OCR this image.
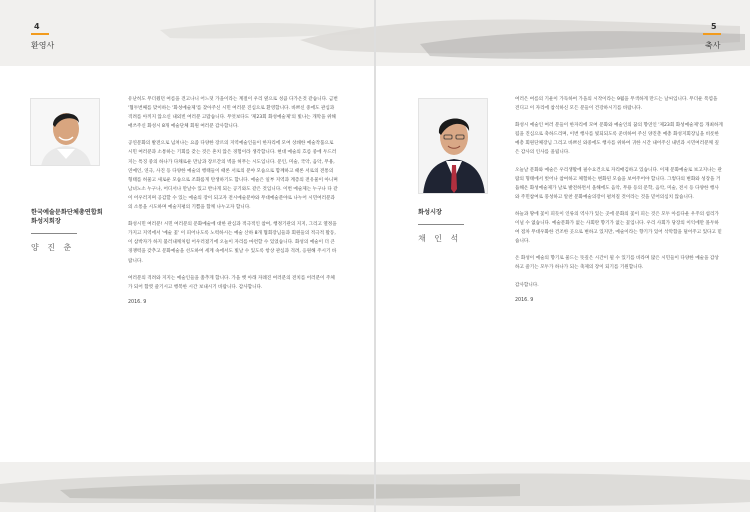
4
환영사
한국예술문화단체총연합회
화성지회장
양 진 춘

유난히도 무더웠던 여름을 견고나니 어느덧 가을이라는 계절이 우리 옆으로 성큼 다가온것 같습니다. 금번 '협두번째를 맞이하는 '화성예술제'를 찾아주신 시민 여러분 진심으로 환영합니다. 바쁘신 중에도 관심과 격려를 아끼지 않으신 내외빈 여러분 고맙습니다. 무엇보다도 '제23회 화성예술제'의 빛나는 개막을 위해 애쓰주신 화성시 8개 예술단체 회원 여러분 감사합니다.

공연문화의 발전으로 넘쳐나는 요즘 다양한 장르의 지역예술인들이 한자리에 모여 상쇄한 예술작품으로 시민 여러분과 소통하는 기회를 갖는 것은 흔치 않은 경험이라 생각합니다. 현대 예술의 흐름 중에 두드러지는 특징 중의 하나가 다채로운 만남과 장르간의 벽을 허무는 시도입니다. 문인, 미술, 국악, 음악, 무용, 연예인, 연극, 사진 등 다양한 예술의 행태들이 때론 서로의 분야 모습으로 함께하고 때론 서로의 전통의 형태를 허물고 새로운 모습으로 조화롭게 탄생하기도 합니다. 예술은 일부 지역과 계층의 전유물이 아니며 남녀노소 누구나, 어디서나 만날수 있고 반나게 되는 공기와도 같은 것입니다. 이번 예술제는 누구나 다 같이 어우러지며 공감할 수 있는 예술의 장이 되고자 전시예술분야와 무대예술분야로 나누어 시민여러분과의 소통을 시도하며 예술지평의 기쁨을 함께 나누고자 합니다.

화성시민 여러분! 시민 여러분의 문화예술에 대한 관심과 적극적인 참여, 행정기관의 지지, 그리고 열정을 가지고 지역에서 '예술 꽃' 이 피어나도록 노력하시는 예술 산하 8개 협회장님들과 회원들의 적극적 활동, 이 삼박자가 하지 불러내께처럼 어우러졌기에 오늘이 자리를 마련할 수 있었습니다. 화성의 예술이 더 큰 경쟁력을 갖추고 문화예술을 선도하여 세계 속에서도 빛날 수 있도록 항상 관심과 격려, 응원해 주시기 바랍니다.

여러분의 격려와 지지는 예술인들을 춤추게 합니다. 가을 햇 아래 자례진 여러분의 전치를 어러분이 주체가 되어 함껏 즐기시고 행복한 시간 보내시기 바랍니다. 감사합니다.

2016. 9
5
축사
화성시장
채 인 석

여러은 여름의 기운이 가득하여 가을의 시작이라는 9월을 무색하게 만드는 날씨입니다. 무더운 폭염을 견디고 이 자리에 참석하신 모든 분들이 건강하시기를 바랍니다.

화성시 예술인 여러 분들이 한자리에 모여 문화와 예술인의 꿈의 향연인 '제23회 화성예술제'를 개최하게됨을 진심으로 축하드리며, 이번 행사를 빛되되도록 준비하여 주신 양진춘 예총 화성지회장님을 비롯한 예총 회원단체장님 그리고 바쁘신 와중에도 행사를 위하여 귀한 시간 내어주신 내빈과 시민여러분께 깊은 감사의 인사를 올립니다.

오늘날 문화와 예술은 우리생활에 필수요건으로 자리매김하고 있습니다. 이제 문화예술로 보고지나는 관람의 형태에서 벗어나 참여하고 체험하는 변화된 모습을 보여주어야 합니다. 그렇다의 변화와 성장을 거듭해온 화성예술제가 날로 발전하면서 올해에도 음악, 무용 등의 문학, 음악, 미술, 전시 등 다양한 행사와 주민참여로 풍성하고 알찬 문화예술의장이 펼쳐질 것이라는 것을 믿어의심치 않습니다.

하늘과 땅에 꽃이 피듯이 인류의 역사가 있는 곳에 문화의 꽃이 피는 것은 모두 아름다운 우주의 섭리가 이닐 수 없습니다. 예술문화가 없는 사회란 향기가 없는 꽃입니다. 우리 사회가 당장의 이익에만 몰두하여 점차 무대우화한 건조한 곳으로 변하고 있지만, 예술이라는 향기가 있어 삭막함을 덜어주고 있다고 믿습니다.

온 화성이 예술의 향기로 물드는 뜻깊은 시간이 될 수 있기를 바라며 많은 시민들이 다양한 예술을 감상하고 즐기는 모두가 하나가 되는 축제의 장이 되기를 기원합니다.

감사합니다.

2016. 9
